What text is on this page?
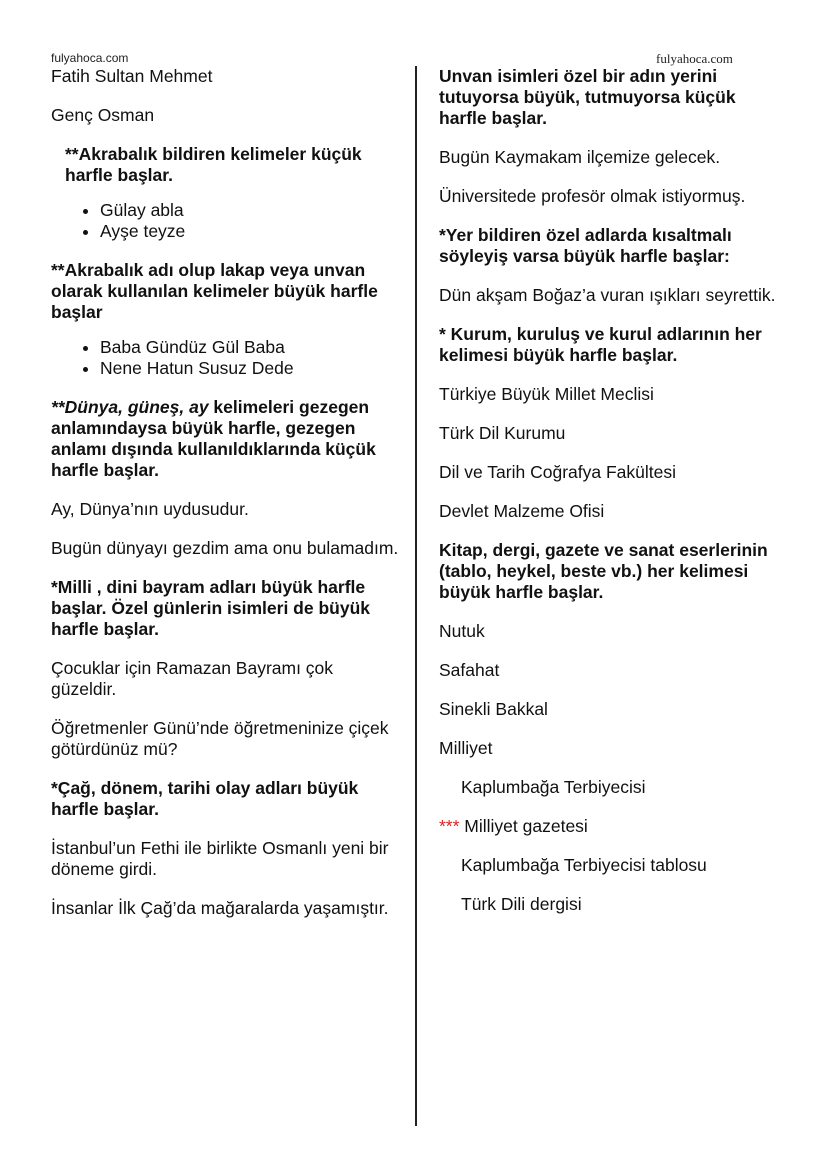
fulyahoca.com	fulyahoca.com

Fatih Sultan Mehmet

Genç Osman

**Akrabalık bildiren kelimeler küçük harfle başlar.

• Gülay abla
• Ayşe teyze

**Akrabalık adı olup lakap veya unvan olarak kullanılan kelimeler büyük harfle başlar

• Baba Gündüz Gül Baba
• Nene Hatun Susuz Dede

**Dünya, güneş, ay kelimeleri gezegen anlamındaysa büyük harfle, gezegen anlamı dışında kullanıldıklarında küçük harfle başlar.

Ay, Dünya’nın uydusudur.

Bugün dünyayı gezdim ama onu bulamadım.

*Milli , dini bayram adları büyük harfle başlar. Özel günlerin isimleri de büyük harfle başlar.

Çocuklar için Ramazan Bayramı çok güzeldir.

Öğretmenler Günü’nde öğretmeninize çiçek götürdünüz mü?

*Çağ, dönem, tarihi olay adları büyük harfle başlar.

İstanbul’un Fethi ile birlikte Osmanlı yeni bir döneme girdi.

İnsanlar İlk Çağ’da mağaralarda yaşamıştır.

Unvan isimleri özel bir adın yerini tutuyorsa büyük, tutmuyorsa küçük harfle başlar.

Bugün Kaymakam ilçemize gelecek.

Üniversitede profesör olmak istiyormuş.

*Yer bildiren özel adlarda kısaltmalı söyleyiş varsa büyük harfle başlar:

Dün akşam Boğaz’a vuran ışıkları seyrettik.

* Kurum, kuruluş ve kurul adlarının her kelimesi büyük harfle başlar.

Türkiye Büyük Millet Meclisi

Türk Dil Kurumu

Dil ve Tarih Coğrafya Fakültesi

Devlet Malzeme Ofisi

Kitap, dergi, gazete ve sanat eserlerinin (tablo, heykel, beste vb.) her kelimesi büyük harfle başlar.

Nutuk

Safahat

Sinekli Bakkal

Milliyet

Kaplumbağa Terbiyecisi

*** Milliyet gazetesi

Kaplumbağa Terbiyecisi tablosu

Türk Dili dergisi
